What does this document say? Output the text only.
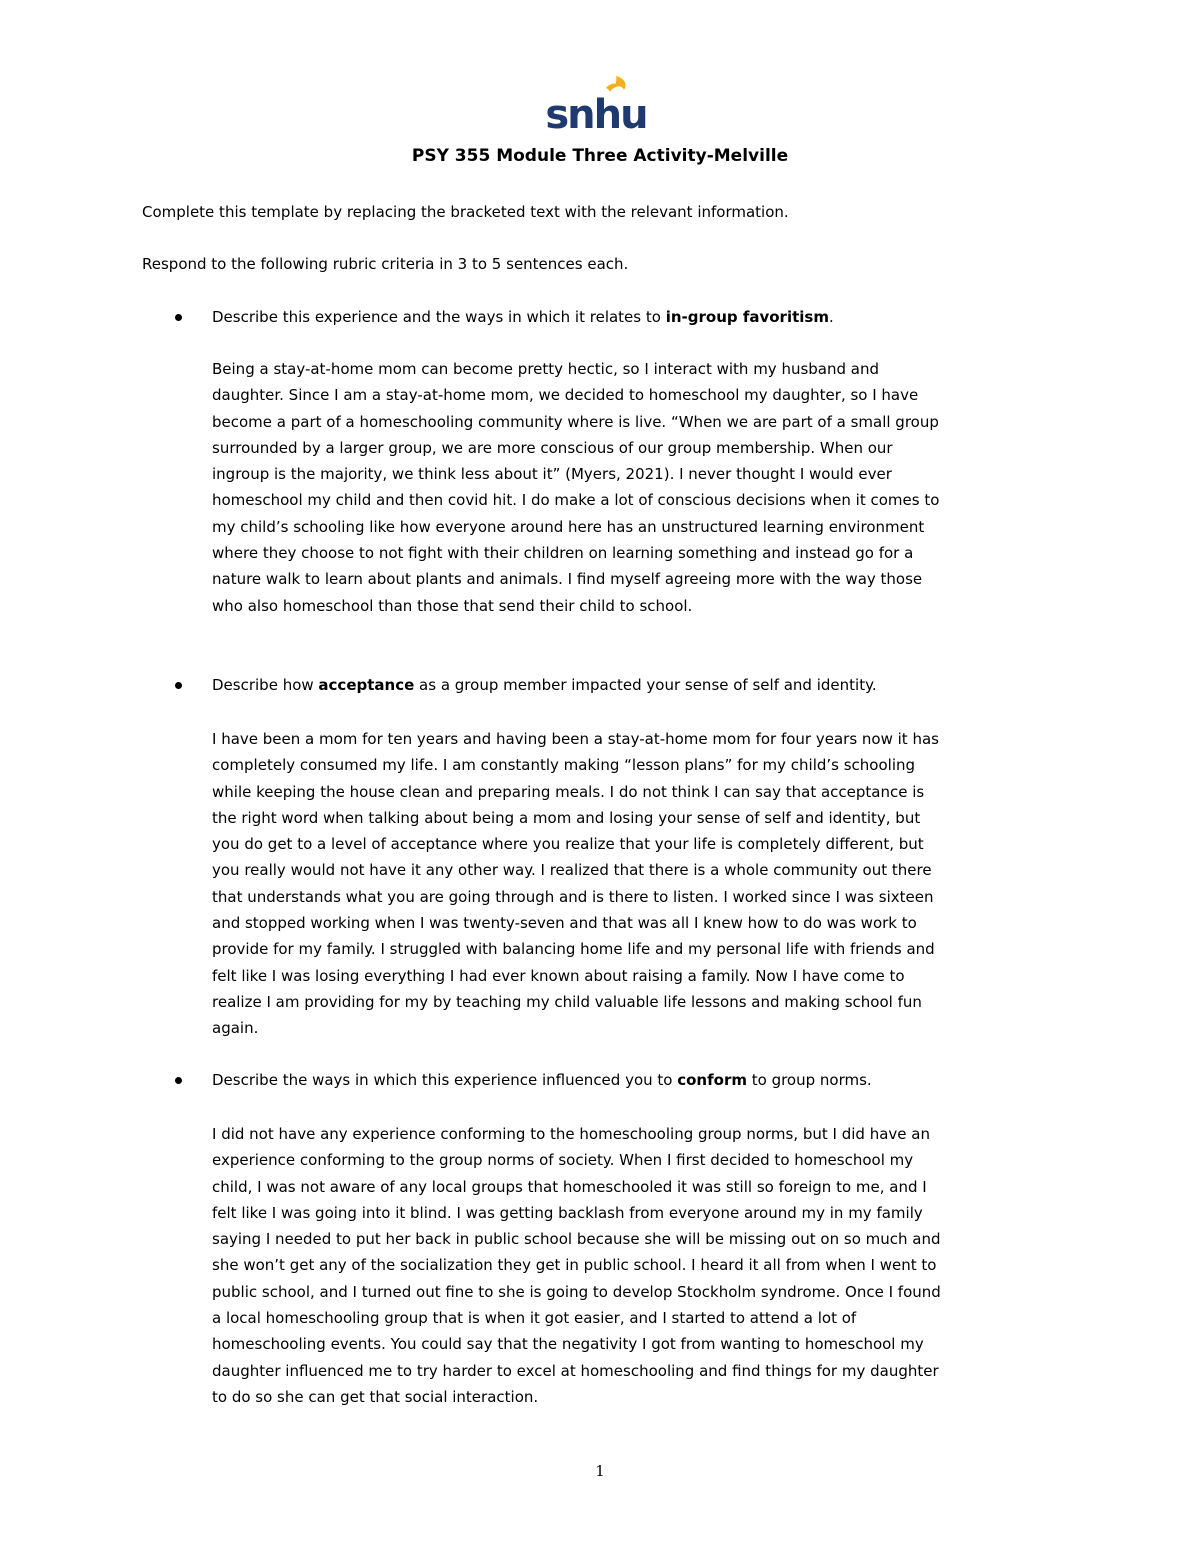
snhu
PSY 355 Module Three Activity-Melville
Complete this template by replacing the bracketed text with the relevant information.
Respond to the following rubric criteria in 3 to 5 sentences each.
Describe this experience and the ways in which it relates to in-group favoritism.
Being a stay-at-home mom can become pretty hectic, so I interact with my husband and
daughter. Since I am a stay-at-home mom, we decided to homeschool my daughter, so I have
become a part of a homeschooling community where is live. “When we are part of a small group
surrounded by a larger group, we are more conscious of our group membership. When our
ingroup is the majority, we think less about it” (Myers, 2021). I never thought I would ever
homeschool my child and then covid hit. I do make a lot of conscious decisions when it comes to
my child’s schooling like how everyone around here has an unstructured learning environment
where they choose to not fight with their children on learning something and instead go for a
nature walk to learn about plants and animals. I find myself agreeing more with the way those
who also homeschool than those that send their child to school.
Describe how acceptance as a group member impacted your sense of self and identity.
I have been a mom for ten years and having been a stay-at-home mom for four years now it has
completely consumed my life. I am constantly making “lesson plans” for my child’s schooling
while keeping the house clean and preparing meals. I do not think I can say that acceptance is
the right word when talking about being a mom and losing your sense of self and identity, but
you do get to a level of acceptance where you realize that your life is completely different, but
you really would not have it any other way. I realized that there is a whole community out there
that understands what you are going through and is there to listen. I worked since I was sixteen
and stopped working when I was twenty-seven and that was all I knew how to do was work to
provide for my family. I struggled with balancing home life and my personal life with friends and
felt like I was losing everything I had ever known about raising a family. Now I have come to
realize I am providing for my by teaching my child valuable life lessons and making school fun
again.
Describe the ways in which this experience influenced you to conform to group norms.
I did not have any experience conforming to the homeschooling group norms, but I did have an
experience conforming to the group norms of society. When I first decided to homeschool my
child, I was not aware of any local groups that homeschooled it was still so foreign to me, and I
felt like I was going into it blind. I was getting backlash from everyone around my in my family
saying I needed to put her back in public school because she will be missing out on so much and
she won’t get any of the socialization they get in public school. I heard it all from when I went to
public school, and I turned out fine to she is going to develop Stockholm syndrome. Once I found
a local homeschooling group that is when it got easier, and I started to attend a lot of
homeschooling events. You could say that the negativity I got from wanting to homeschool my
daughter influenced me to try harder to excel at homeschooling and find things for my daughter
to do so she can get that social interaction.
1
